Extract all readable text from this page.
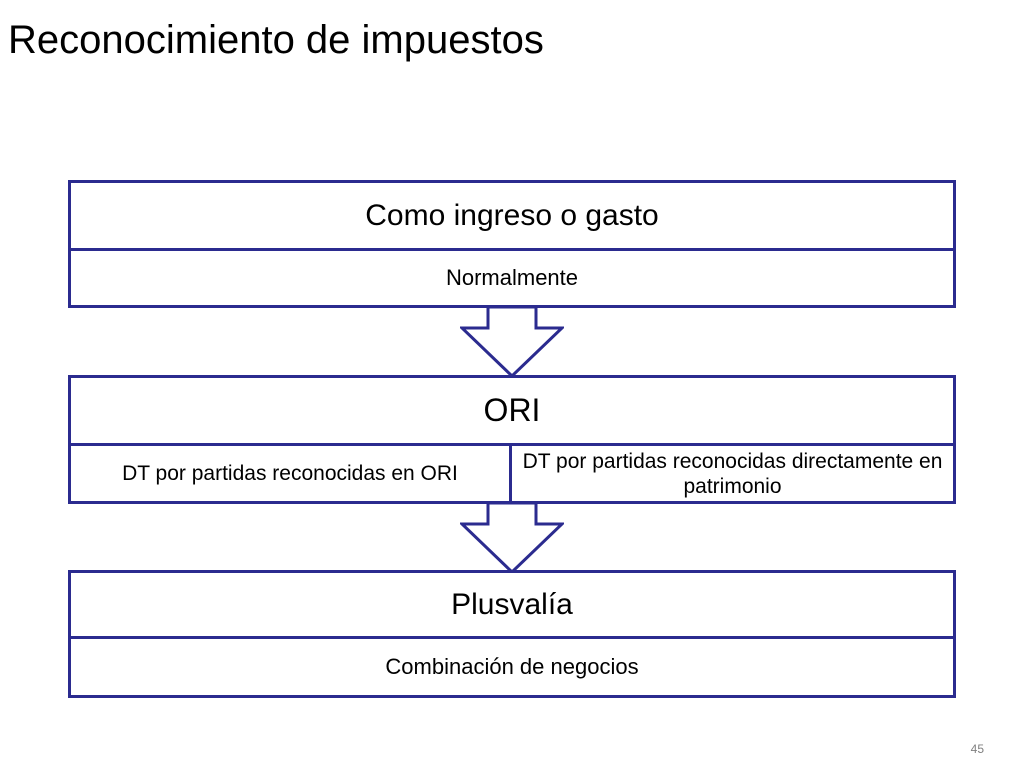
Reconocimiento de impuestos
Como ingreso o gasto
Normalmente
ORI
DT por partidas reconocidas en ORI
DT por partidas reconocidas directamente en patrimonio
Plusvalía
Combinación de negocios
45
